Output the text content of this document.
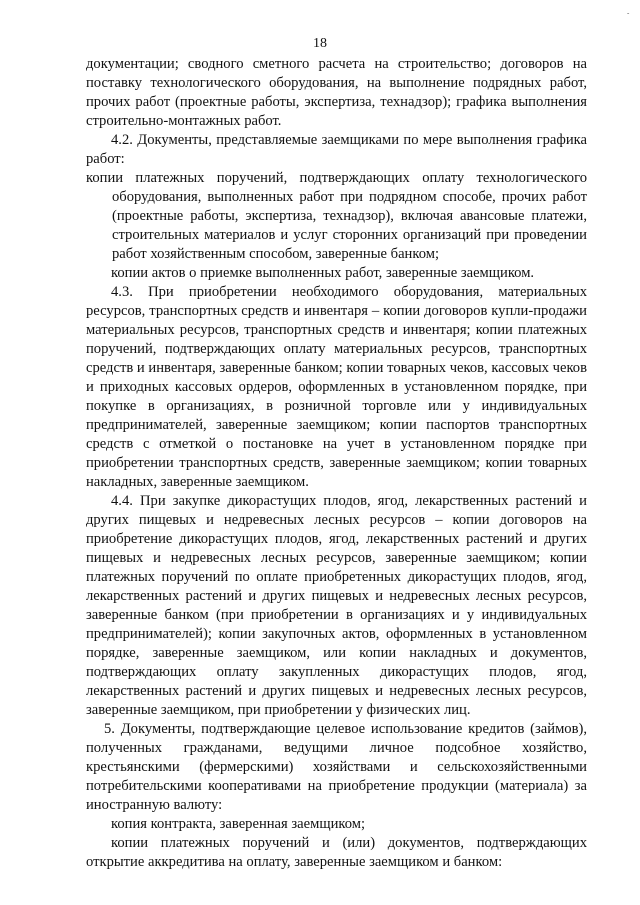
-
18

документации; сводного сметного расчета на строительство; договоров на поставку технологического оборудования, на выполнение подрядных работ, прочих работ (проектные работы, экспертиза, технадзор); графика выполнения строительно-монтажных работ.

4.2. Документы, представляемые заемщиками по мере выполнения графика работ:

копии платежных поручений, подтверждающих оплату технологического оборудования, выполненных работ при подрядном способе, прочих работ (проектные работы, экспертиза, технадзор), включая авансовые платежи, строительных материалов и услуг сторонних организаций при проведении работ хозяйственным способом, заверенные банком;

копии актов о приемке выполненных работ, заверенные заемщиком.

4.3. При приобретении необходимого оборудования, материальных ресурсов, транспортных средств и инвентаря – копии договоров купли-продажи материальных ресурсов, транспортных средств и инвентаря; копии платежных поручений, подтверждающих оплату материальных ресурсов, транспортных средств и инвентаря, заверенные банком; копии товарных чеков, кассовых чеков и приходных кассовых ордеров, оформленных в установленном порядке, при покупке в организациях, в розничной торговле или у индивидуальных предпринимателей, заверенные заемщиком; копии паспортов транспортных средств с отметкой о постановке на учет в установленном порядке при приобретении транспортных средств, заверенные заемщиком; копии товарных накладных, заверенные заемщиком.

4.4. При закупке дикорастущих плодов, ягод, лекарственных растений и других пищевых и недревесных лесных ресурсов – копии договоров на приобретение дикорастущих плодов, ягод, лекарственных растений и других пищевых и недревесных лесных ресурсов, заверенные заемщиком; копии платежных поручений по оплате приобретенных дикорастущих плодов, ягод, лекарственных растений и других пищевых и недревесных лесных ресурсов, заверенные банком (при приобретении в организациях и у индивидуальных предпринимателей); копии закупочных актов, оформленных в установленном порядке, заверенные заемщиком, или копии накладных и документов, подтверждающих оплату закупленных дикорастущих плодов, ягод, лекарственных растений и других пищевых и недревесных лесных ресурсов, заверенные заемщиком, при приобретении у физических лиц.

5. Документы, подтверждающие целевое использование кредитов (займов), полученных гражданами, ведущими личное подсобное хозяйство, крестьянскими (фермерскими) хозяйствами и сельскохозяйственными потребительскими кооперативами на приобретение продукции (материала) за иностранную валюту:

копия контракта, заверенная заемщиком;

копии платежных поручений и (или) документов, подтверждающих открытие аккредитива на оплату, заверенные заемщиком и банком:
